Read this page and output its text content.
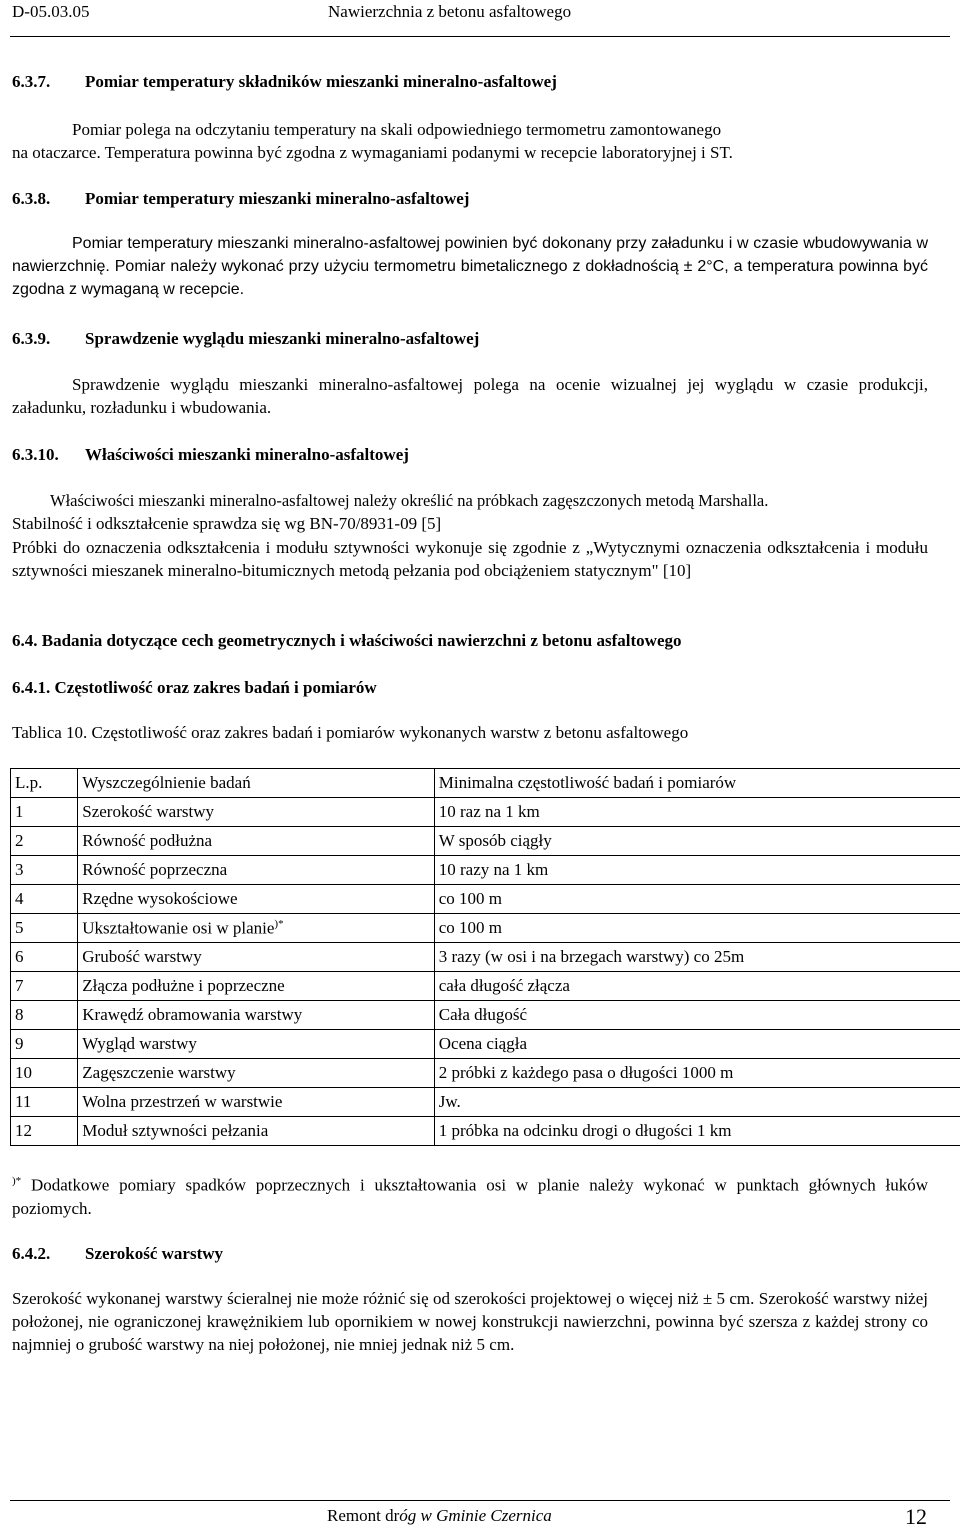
D-05.03.05	Nawierzchnia z betonu asfaltowego
6.3.7. Pomiar temperatury składników mieszanki mineralno-asfaltowej
Pomiar polega na odczytaniu temperatury na skali odpowiedniego termometru zamontowanego
na otaczarce. Temperatura powinna być zgodna z wymaganiami podanymi w recepcie laboratoryjnej i ST.
6.3.8. Pomiar temperatury mieszanki mineralno-asfaltowej
Pomiar temperatury mieszanki mineralno-asfaltowej powinien być dokonany przy załadunku i w czasie wbudowywania w nawierzchnię. Pomiar należy wykonać przy użyciu termometru bimetalicznego z dokładnością ± 2°C, a temperatura powinna być zgodna z wymaganą w recepcie.
6.3.9. Sprawdzenie wyglądu mieszanki mineralno-asfaltowej
Sprawdzenie wyglądu mieszanki mineralno-asfaltowej polega na ocenie wizualnej jej wyglądu w czasie produkcji, załadunku, rozładunku i wbudowania.
6.3.10. Właściwości mieszanki mineralno-asfaltowej
Właściwości mieszanki mineralno-asfaltowej należy określić na próbkach zagęszczonych metodą Marshalla.
Stabilność i odkształcenie sprawdza się wg BN-70/8931-09 [5]
Próbki do oznaczenia odkształcenia i modułu sztywności wykonuje się zgodnie z „Wytycznymi oznaczenia odkształcenia i modułu sztywności mieszanek mineralno-bitumicznych metodą pełzania pod obciążeniem statycznym" [10]
6.4. Badania dotyczące cech geometrycznych i właściwości nawierzchni z betonu asfaltowego
6.4.1. Częstotliwość oraz zakres badań i pomiarów
Tablica 10. Częstotliwość oraz zakres badań i pomiarów wykonanych warstw z betonu asfaltowego
L.p.	Wyszczególnienie badań	Minimalna częstotliwość badań i pomiarów
1	Szerokość warstwy	10 raz na 1 km
2	Równość podłużna	W sposób ciągły
3	Równość poprzeczna	10 razy na 1 km
4	Rzędne wysokościowe	co 100 m
5	Ukształtowanie osi w planie)*	co 100 m
6	Grubość warstwy	3 razy (w osi i na brzegach warstwy) co 25m
7	Złącza podłużne i poprzeczne	cała długość złącza
8	Krawędź obramowania warstwy	Cała długość
9	Wygląd warstwy	Ocena ciągła
10	Zagęszczenie warstwy	2 próbki z każdego pasa o długości 1000 m
11	Wolna przestrzeń w warstwie	Jw.
12	Moduł sztywności pełzania	1 próbka na odcinku drogi o długości 1 km
)* Dodatkowe pomiary spadków poprzecznych i ukształtowania osi w planie należy wykonać w punktach głównych łuków poziomych.
6.4.2. Szerokość warstwy
Szerokość wykonanej warstwy ścieralnej nie może różnić się od szerokości projektowej o więcej niż ± 5 cm. Szerokość warstwy niżej położonej, nie ograniczonej krawężnikiem lub opornikiem w nowej konstrukcji nawierzchni, powinna być szersza z każdej strony co najmniej o grubość warstwy na niej położonej, nie mniej jednak niż 5 cm.
Remont dróg w Gminie Czernica	12
